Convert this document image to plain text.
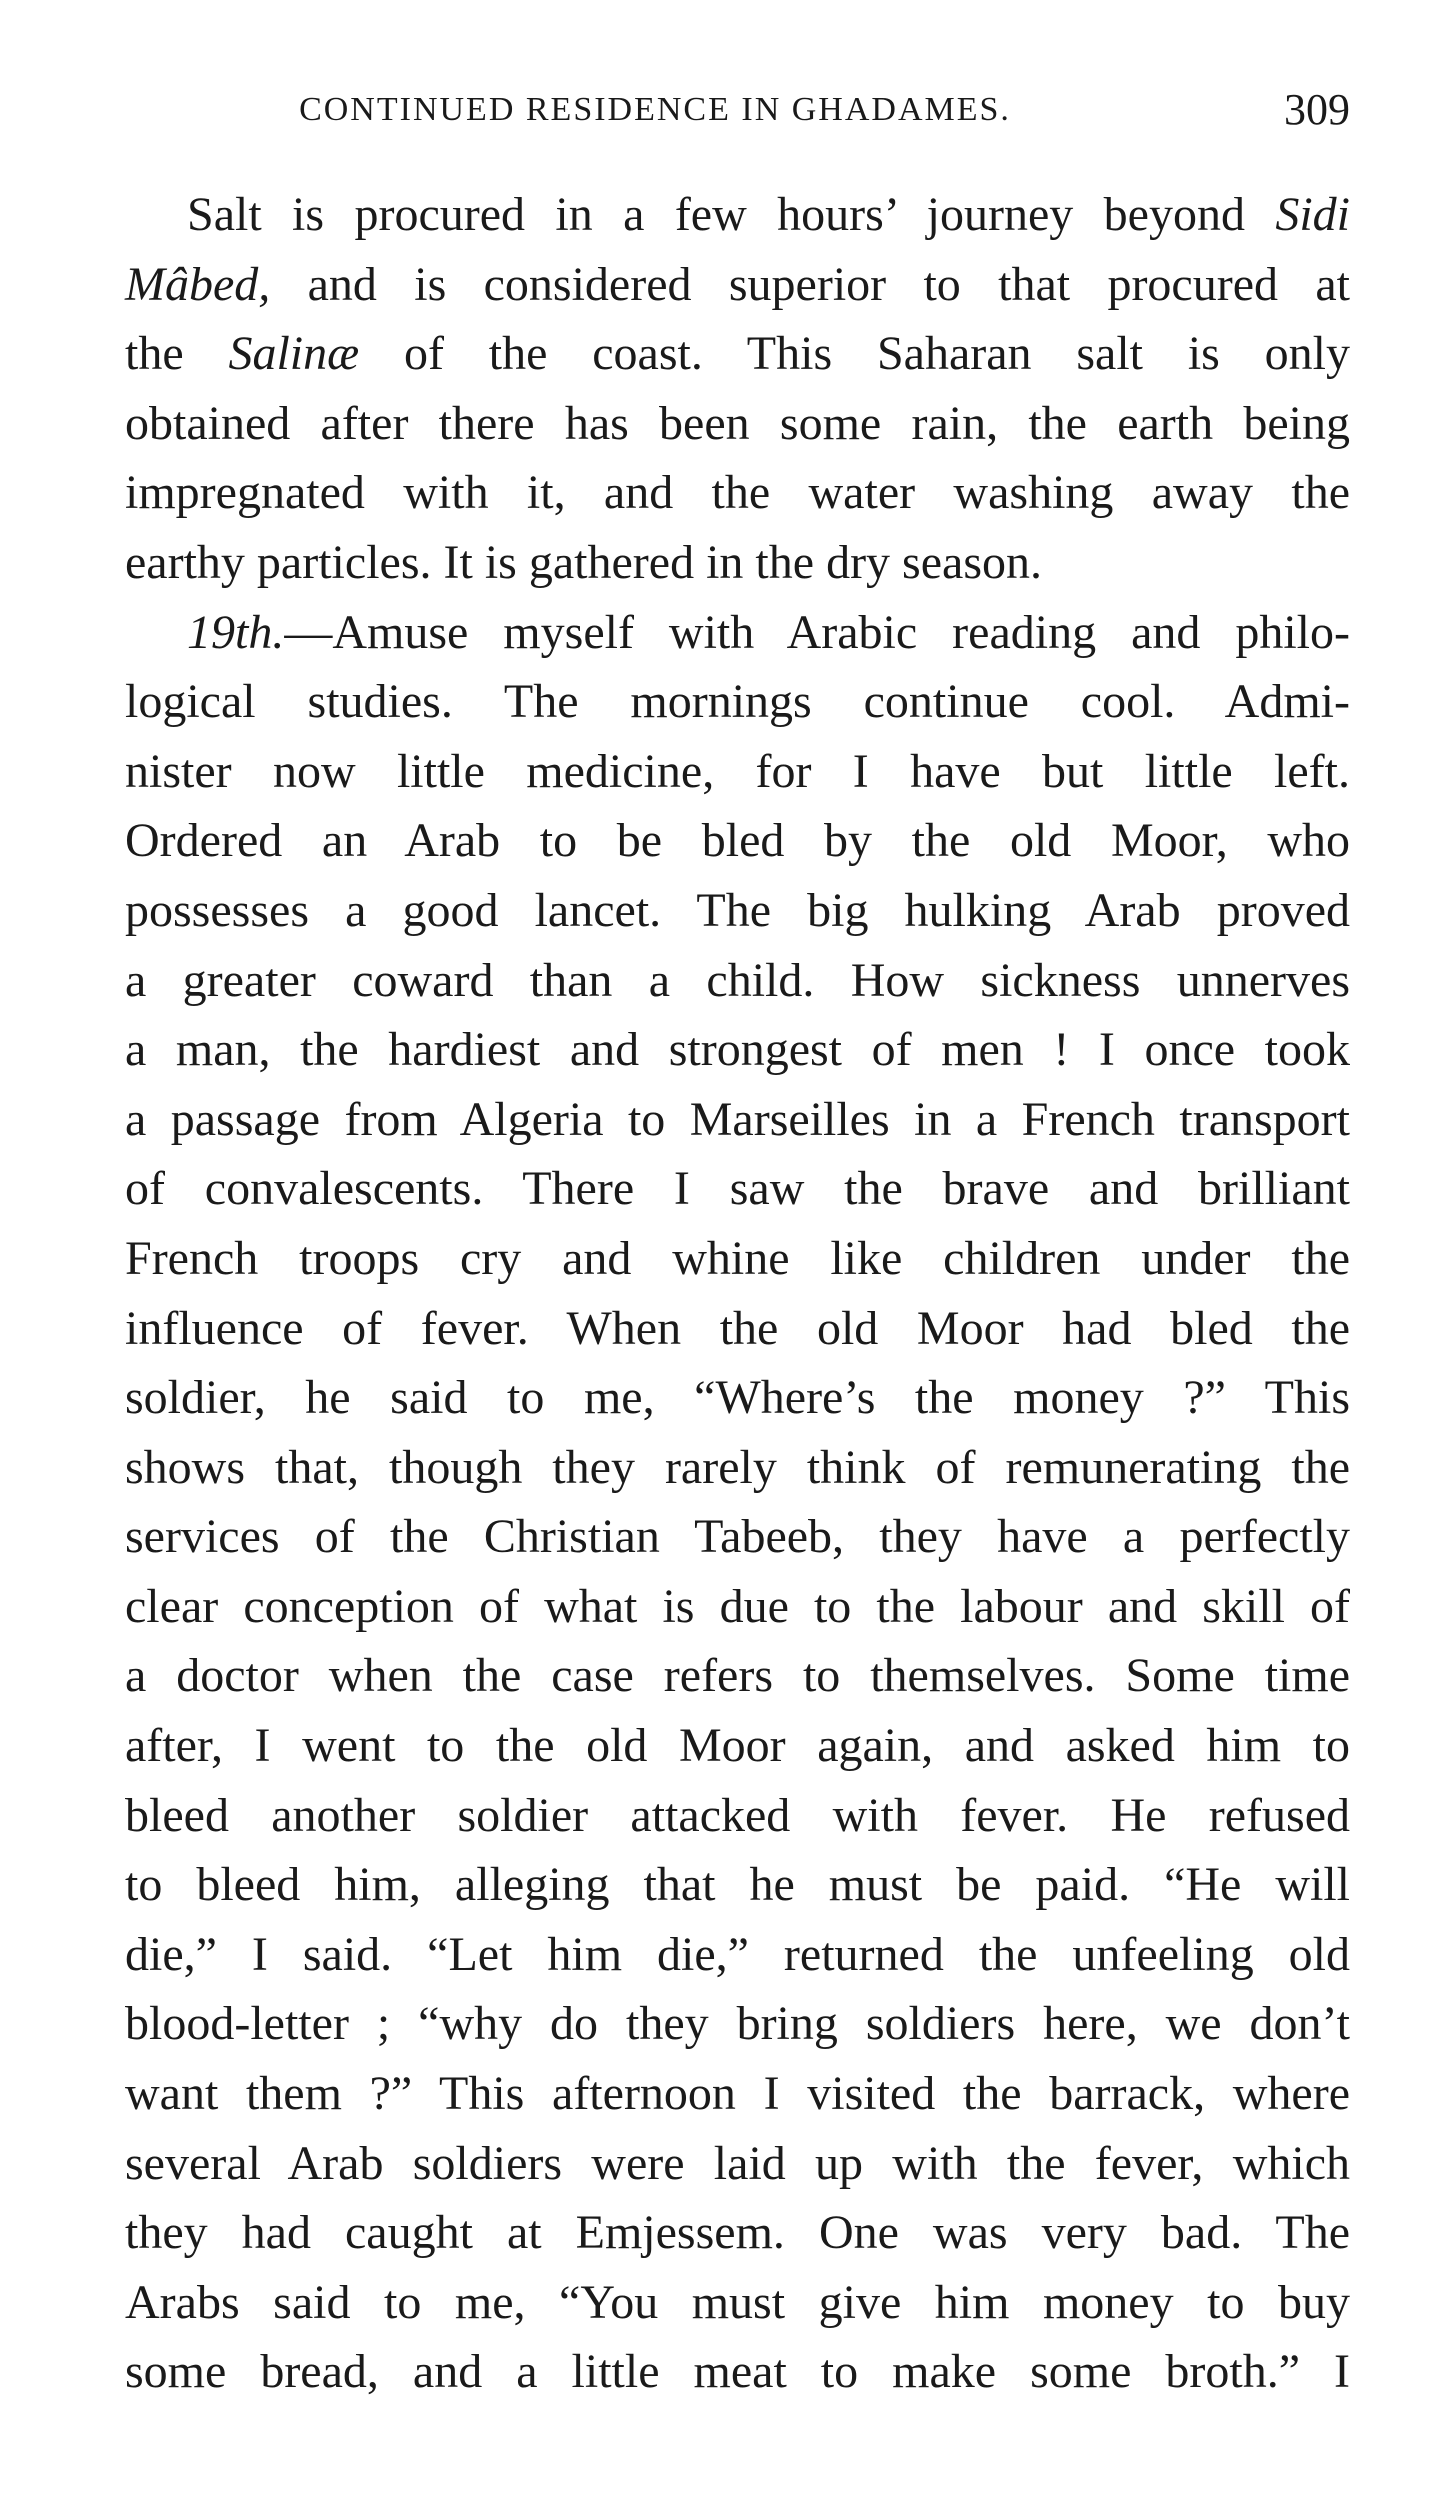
CONTINUED RESIDENCE IN GHADAMES.	309
Salt is procured in a few hours’ journey beyond Sidi
Mâbed, and is considered superior to that procured at
the Salinæ of the coast. This Saharan salt is only
obtained after there has been some rain, the earth being
impregnated with it, and the water washing away the
earthy particles. It is gathered in the dry season.
19th.—Amuse myself with Arabic reading and philo-
logical studies. The mornings continue cool. Admi-
nister now little medicine, for I have but little left.
Ordered an Arab to be bled by the old Moor, who
possesses a good lancet. The big hulking Arab proved
a greater coward than a child. How sickness unnerves
a man, the hardiest and strongest of men ! I once took
a passage from Algeria to Marseilles in a French transport
of convalescents. There I saw the brave and brilliant
French troops cry and whine like children under the
influence of fever. When the old Moor had bled the
soldier, he said to me, “Where’s the money ?” This
shows that, though they rarely think of remunerating the
services of the Christian Tabeeb, they have a perfectly
clear conception of what is due to the labour and skill of
a doctor when the case refers to themselves. Some time
after, I went to the old Moor again, and asked him to
bleed another soldier attacked with fever. He refused
to bleed him, alleging that he must be paid. “He will
die,” I said. “Let him die,” returned the unfeeling old
blood-letter ; “why do they bring soldiers here, we don’t
want them ?” This afternoon I visited the barrack, where
several Arab soldiers were laid up with the fever, which
they had caught at Emjessem. One was very bad. The
Arabs said to me, “You must give him money to buy
some bread, and a little meat to make some broth.” I
